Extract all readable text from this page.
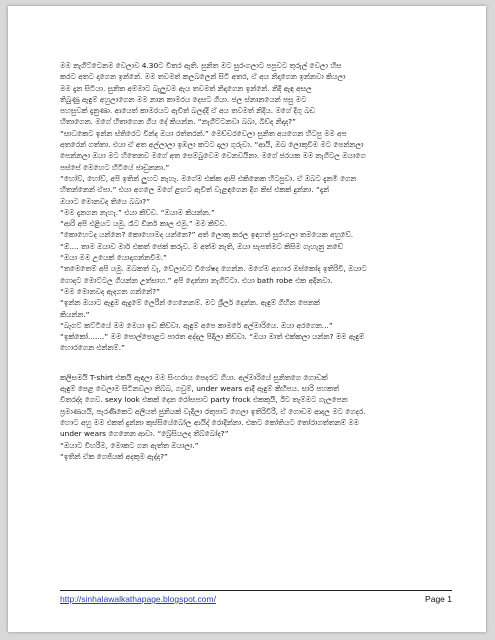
මම නැගිට්ටෙනම වෙලාව 4.30ට විතර ඇති. සුනිත මට සුරංගලාට පපුවට තුරුල් වෙලා හිස
කරට අතට දාගෙන ඉන්නේ. මම තවමත් කලබලෙන් සිටි අතර, ඒ අය නිදාගෙන ඉන්නවා කියලා
මම දැන සිටියා. සුනිත අම්මාට බැලුවම ඇය තවමත් නිදාගෙන ඉන්නේ. නිදි ඇඳ අසල
තිබුණු ඇඳුම් අහුලාගෙන මම නාන කාමරය දෙසට ගියා. ජල ස්නානයෙන් පසු මට
පහසුවක් දැනුණා. ආයෙත් කාමරයට ඇවිත් බලද්දි ඒ අය තවමත් නිදිය. මගේ දිගු බඩ
හිතාගෙන. මගේ හිතාගෙන ගිය දේ කියන්න. “නැගිට්ටනවා බබා, බිව්ද නිදාද?”
“සාධකෙට ඉන්න ස්තිරෙට වින්ද ඔයා රත්තරන්.” මෙච්චරවෙලා සුනිත අයගෙන හිටපු මම අප
අතරෙන් ගත්තා. එයා ඒ අත අල්ලාලා ඉඹලා කටට දාලා ගුරුවා. “ආයි, ඔබ ලොකුවීම මට පෙන්නලා
පෙන්නලා ඔයා මට හිතෙනව මගේ අත සෙම්බුවෙම වෙනවයිනා. මගේ ජරයක මම නැගිටල ඔයාගෙ
පස්සේ මෙහෙට හිටියේ ජාඩුනනා.”
“හෝව්, හෝව්, අපි ඉතින් ලුහට නැහැ. මගේම එක්ක ආපි එකිනෙක හිටපුවා. ඒ ඔබට දැනමි ගෙන
හිතන්නෙන් ඒපා.” එයා අගලෙ මගේ ළඟට ඇවිත් වැළඳගෙන දිග කිස් එකක් දුන්නා. “දැන්
ඔයාට මොනවද තියෙ බබා?”
“මම දැනගන නැහැ.” එයා කිව්ව. “ඔයාම කියන්න.”
“ආරි අපි එළියට යමු. රෑට ඩිනර් කාල එමු.” මම කිව්ව.
“කොහෙටද යන්නෙ? කොහොමද යන්නෙ?” අත් ලොකු කරල ඉඳගත් සුරංගලා තමයෙක අහුවේ.
“ඕ.... තාම ඔයාව මාර් එකත් ජෙක් කරුව. ම අත්ම නැති, ඔයා සැපත්මට කිසිම ගැහැනු නඩේ
“ඔයා මම උයෙක් යොදාගන්නවිම.”
“තමෙතෙම් අපි යමු. ඔබකත් වැ, වේලාවට විශේෂද ගෙන්න. මගේම ආහාර ඔස්කෝද ඉතිරිවී, ඔයාට
ගොදට මොට්ටල ගියන්න උත්සාහ.” අපි දෙන්නා නැගිට්ටා. එයා bath robe එක අදිනවා.
“මම මොනවද ඇදගන ගන්නේ?”
“ඉන්න ඔයාට ඇඳුම ඇදුමේ ලෙරීන් ගෙනෙනම්. මට ශ්‍රීලර් දෙන්න. ඇඳුම් ගිහින පෙනක්
කියන්න.”
“බෑගට් කට්ටියේ මම මෙයා ඉඩ කිව්වා. ඇඳුම් අපෙ කාමරේ අල්මාරියෙ. ඔයා අරගෙන...”
“ඉක්කෝ.......” මම පොල්පොළට පාරත අද්දල පිදිලා කිව්වා. “ඔයා මාත් එක්කලා යන්න? මම ඇඳුම්
හොරගෙන එන්නම්.”
කලිසමයි T-shirt එකයි ඇඳලා මම සිංහරාය පෙදරට ගියා. අල්මාරියේ සුනිතගෙ ගොඩක්
ඇඳුම් පෙළ වෙලාම සිටිනවලා තිබ්බ, ගවුම්, under wears ආදී ඇඳුම් කිහිපය. සාරි පහකත්
විතරද්ද ගෙව. sexy look එකක් දෙන රෝසපාට party frock එකකුයි, ඊට තැම්මට ගැලපෙන
ප්‍රමාණයයි, පැරණිකෙට අලියත් ජුනියක් වැදිලා රතුපාට ගෙලා ඉතිරිවීරී, ඒ ගොඩම ආදල මට ගෙදර.
හොට අහු මම එකත් දුන්නා කුස්සියේබෝල ආයිද් රොදින්නා. එකට කෝතියට තෝරාගත්තනම් මම
under wears ගෙනෙන ආවා. “බ්‍රේසියලද තිබ්බෝද?”
“ඔයාට විහරීම, මොකට ගන ඇත්ත ඔයාලා.”
“ඉතින් ඒක ගෙජියක් අදකුම ඇද්ද?”
http://sinhalawalkathapage.blogspot.com/	Page 1
